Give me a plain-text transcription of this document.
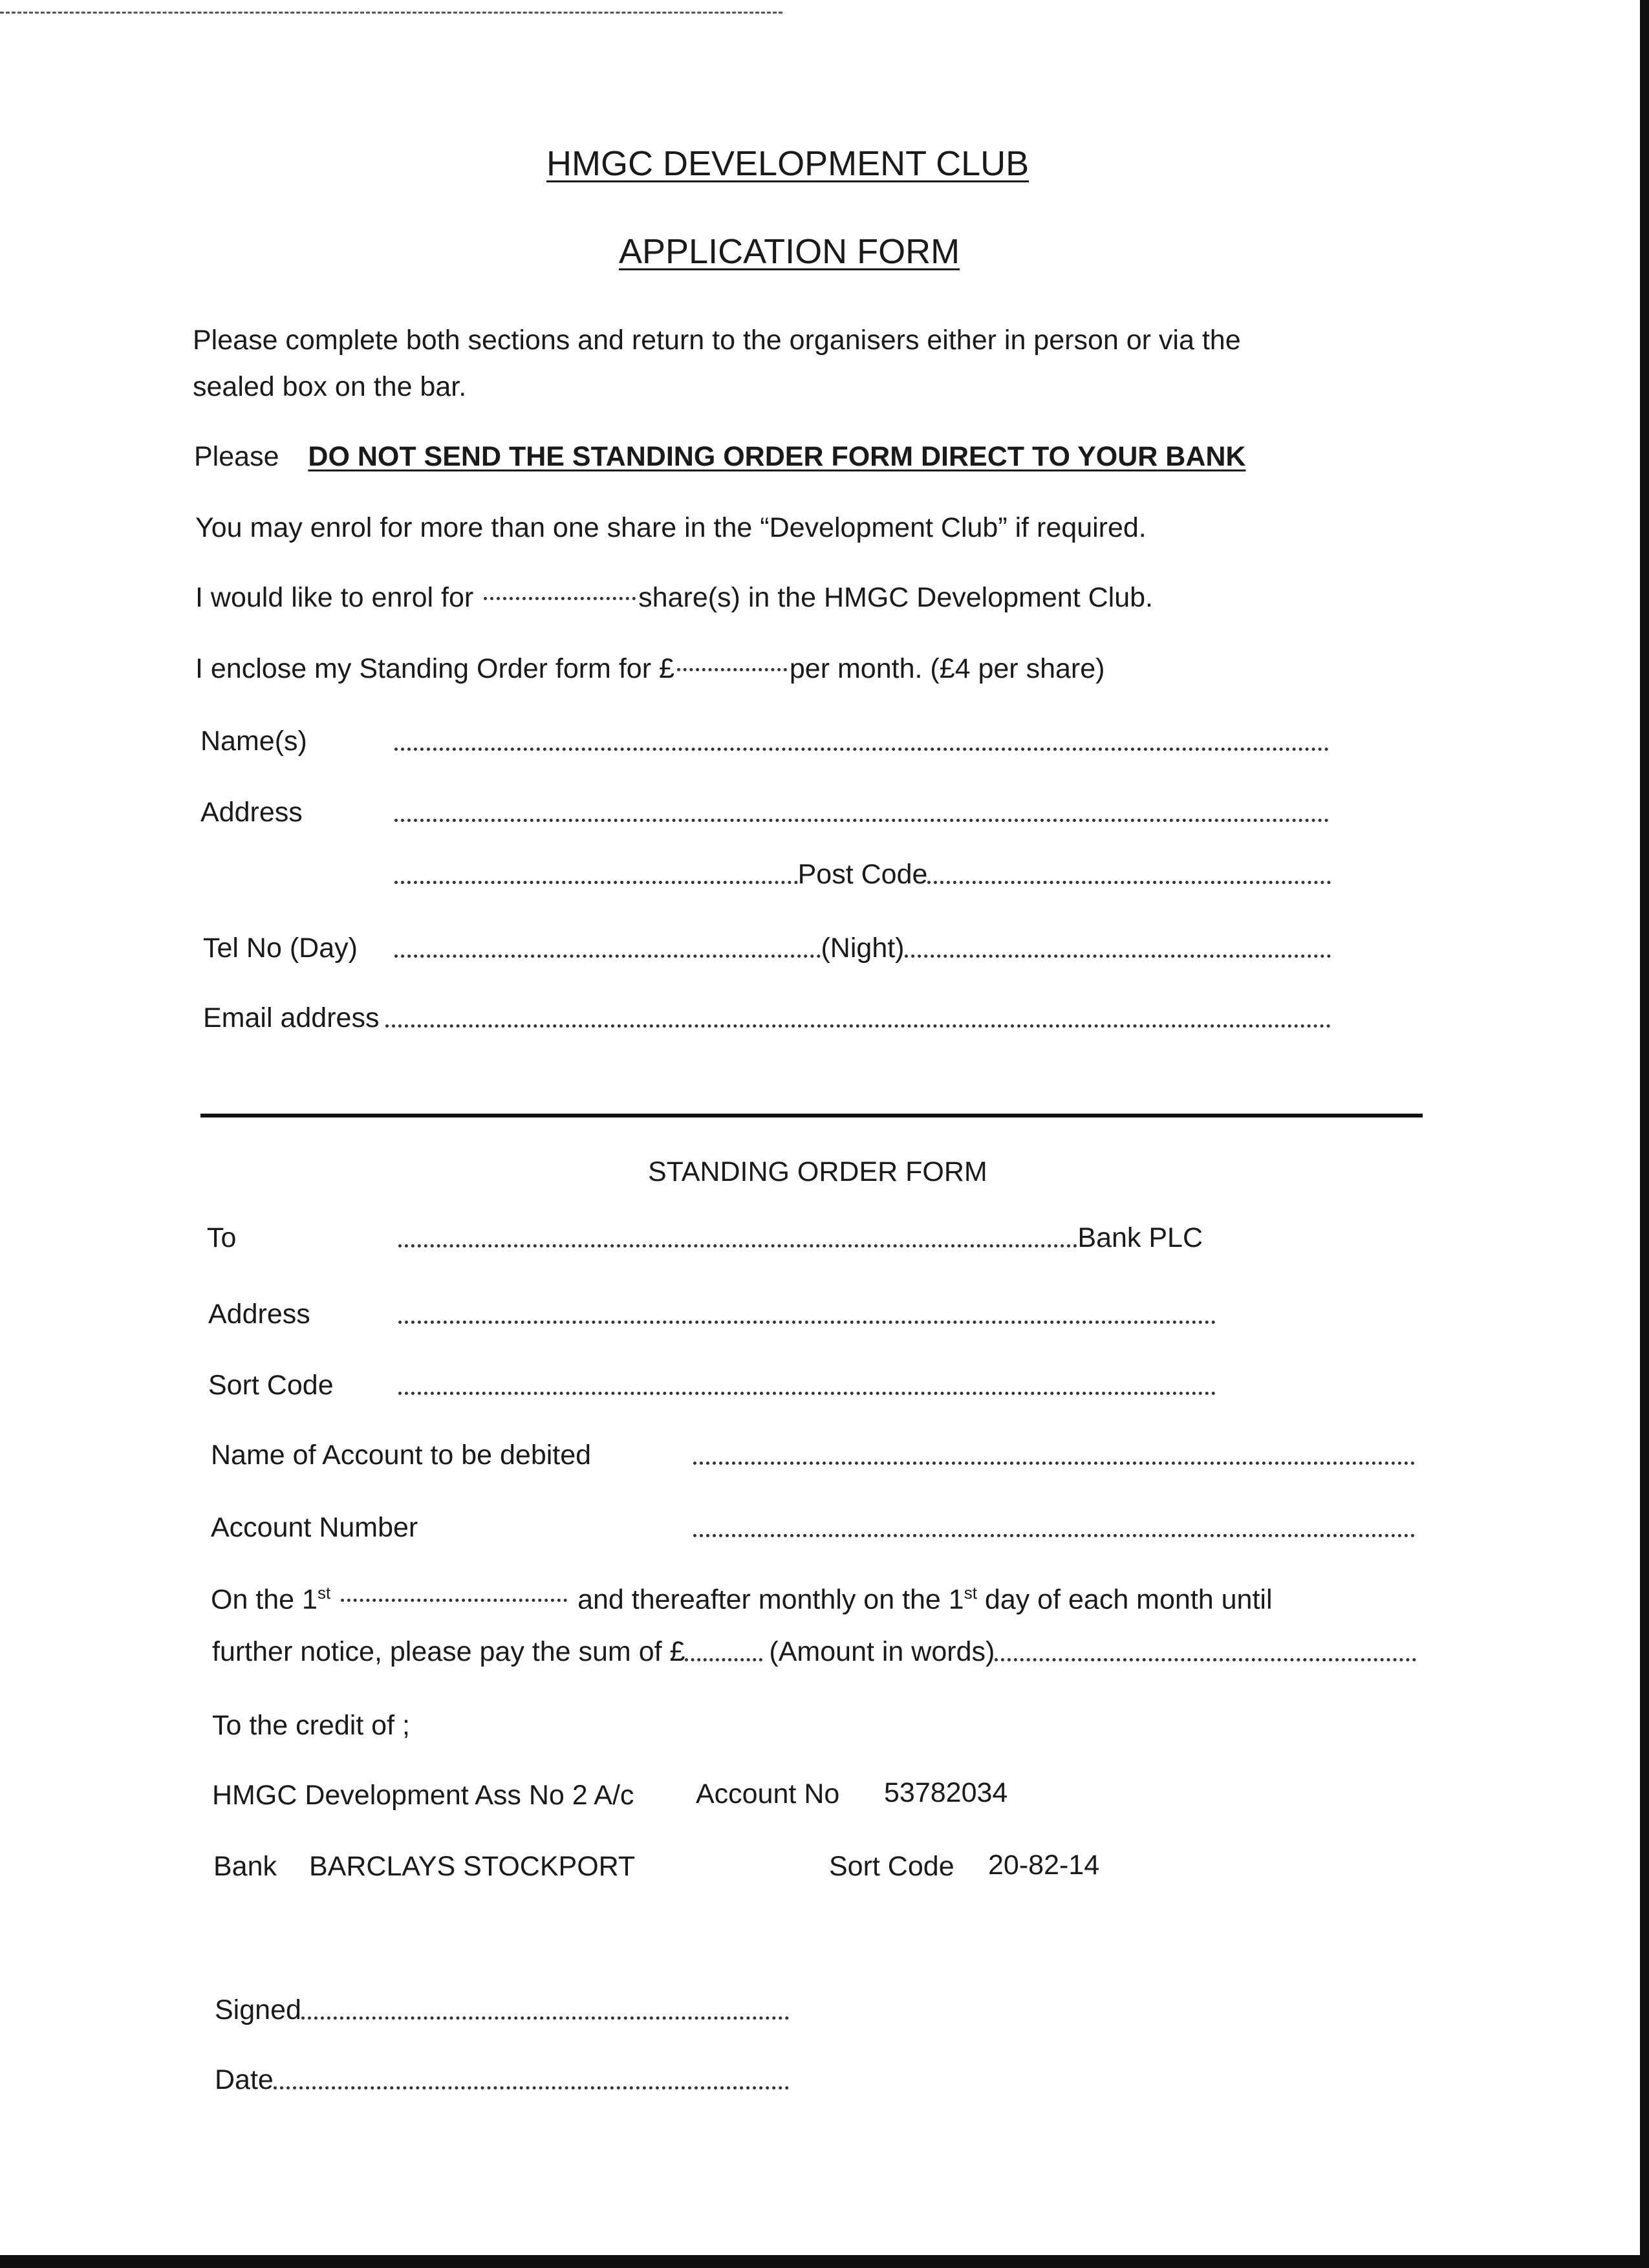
HMGC DEVELOPMENT CLUB
APPLICATION FORM
Please complete both sections and return to the organisers either in person or via the
sealed box on the bar.
Please DO NOT SEND THE STANDING ORDER FORM DIRECT TO YOUR BANK
You may enrol for more than one share in the “Development Club” if required.
I would like to enrol for	share(s) in the HMGC Development Club.
I enclose my Standing Order form for £	per month. (£4 per share)
Name(s)
Address
Post Code
Tel No (Day)	(Night)
Email address
STANDING ORDER FORM
To	Bank PLC
Address
Sort Code
Name of Account to be debited
Account Number
On the 1st	and thereafter monthly on the 1st day of each month until
further notice, please pay the sum of £	(Amount in words)
To the credit of ;
HMGC Development Ass No 2 A/c Account No 53782034
Bank BARCLAYS STOCKPORT	Sort Code 20-82-14
Signed
Date
